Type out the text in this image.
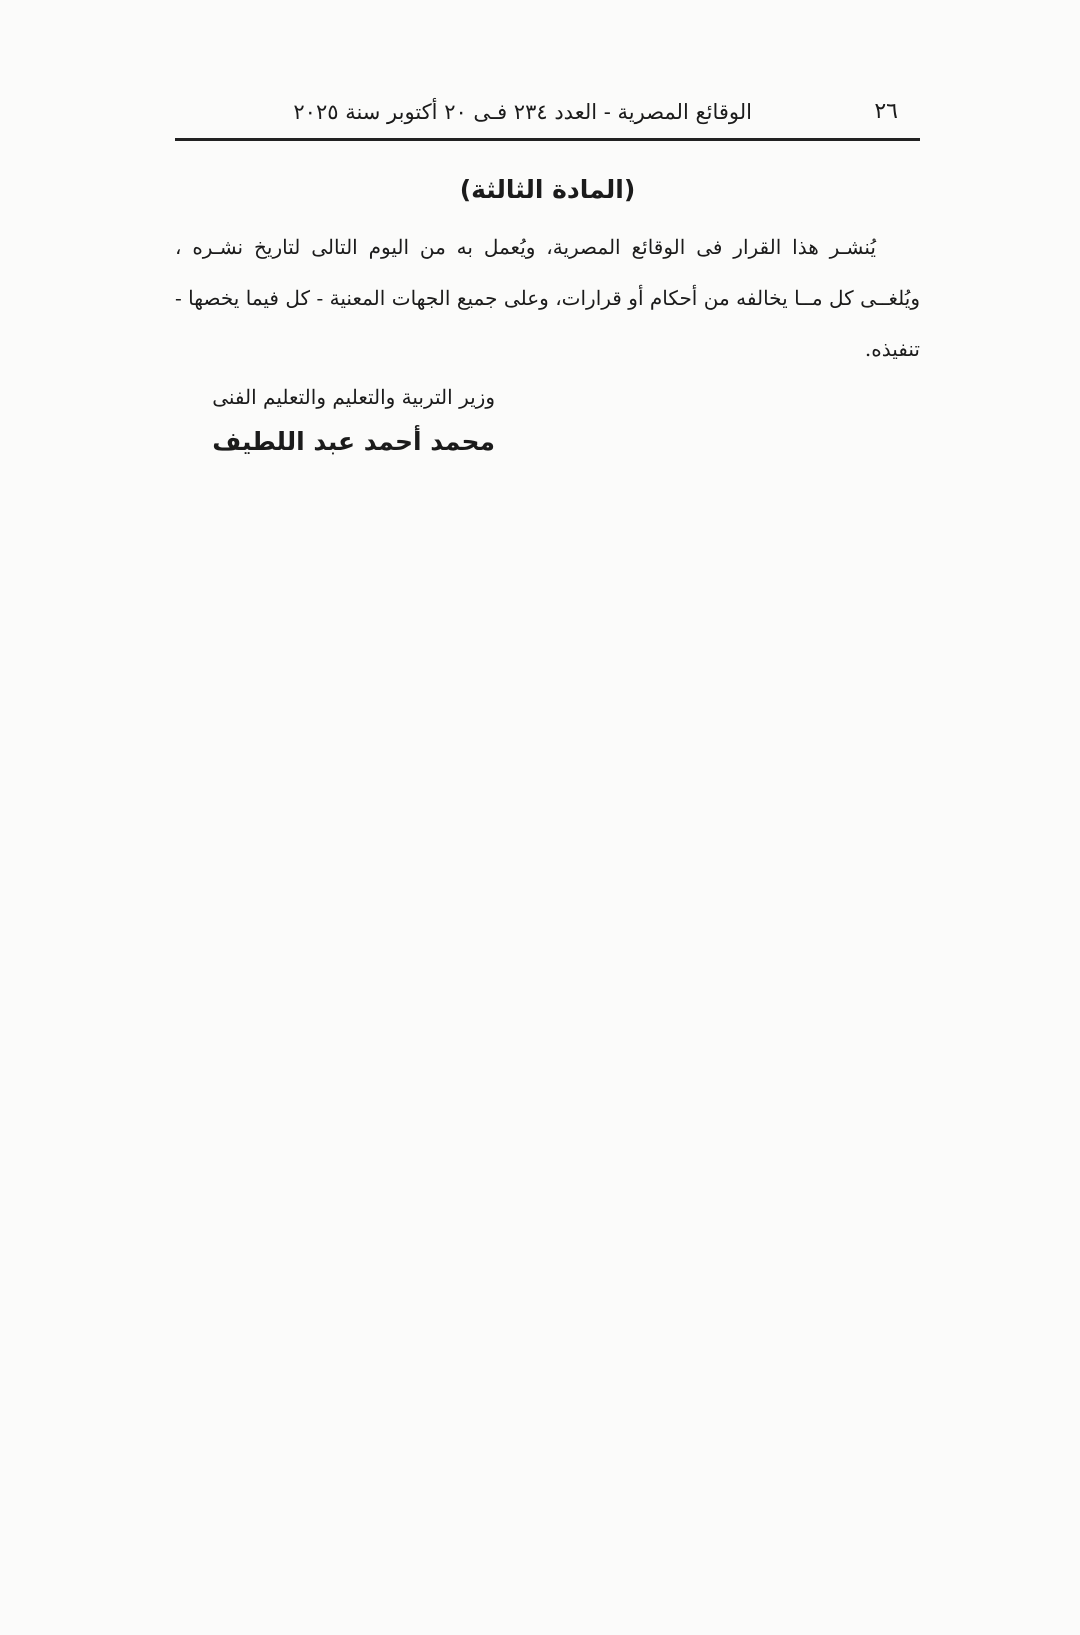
٢٦
الوقائع المصرية - العدد ٢٣٤ فـى ٢٠ أكتوبر سنة ٢٠٢٥
(المادة الثالثة)

يُنشـر هذا القرار فى الوقائع المصرية، ويُعمل به من اليوم التالى لتاريخ نشـره ، ويُلغــى كل مــا يخالفه من أحكام أو قرارات، وعلى جميع الجهات المعنية - كل فيما يخصها - تنفيذه.

وزير التربية والتعليم والتعليم الفنى
محمد أحمد عبد اللطيف
